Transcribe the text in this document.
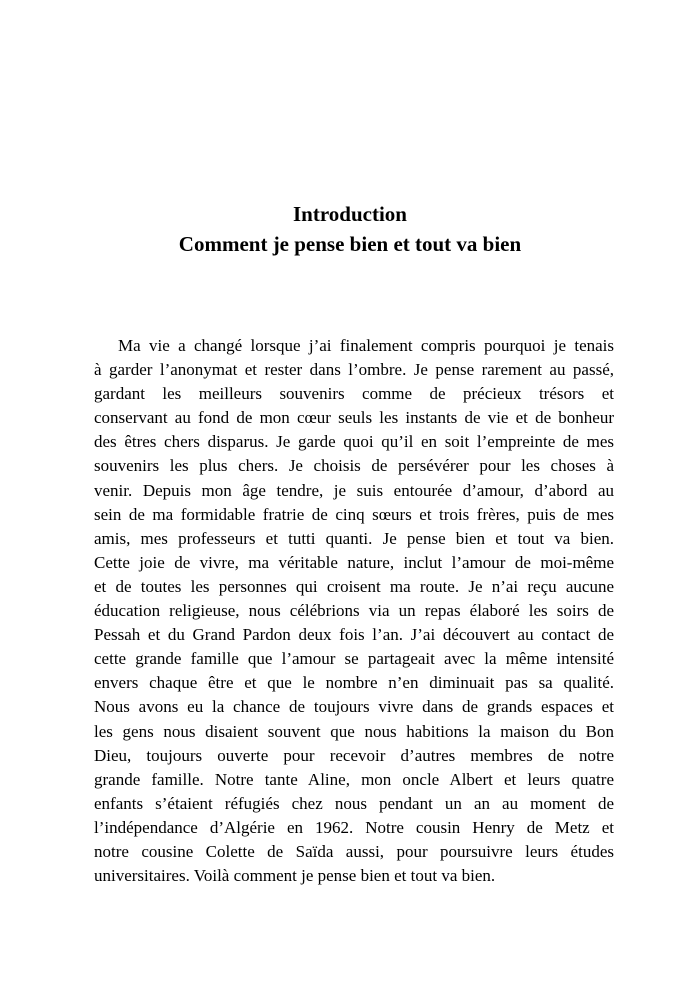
Introduction
Comment je pense bien et tout va bien
Ma vie a changé lorsque j’ai finalement compris pourquoi je tenais
à garder l’anonymat et rester dans l’ombre. Je pense rarement au passé,
gardant les meilleurs souvenirs comme de précieux trésors et
conservant au fond de mon cœur seuls les instants de vie et de bonheur
des êtres chers disparus. Je garde quoi qu’il en soit l’empreinte de mes
souvenirs les plus chers. Je choisis de persévérer pour les choses à
venir. Depuis mon âge tendre, je suis entourée d’amour, d’abord au
sein de ma formidable fratrie de cinq sœurs et trois frères, puis de mes
amis, mes professeurs et tutti quanti. Je pense bien et tout va bien.
Cette joie de vivre, ma véritable nature, inclut l’amour de moi-même
et de toutes les personnes qui croisent ma route. Je n’ai reçu aucune
éducation religieuse, nous célébrions via un repas élaboré les soirs de
Pessah et du Grand Pardon deux fois l’an. J’ai découvert au contact de
cette grande famille que l’amour se partageait avec la même intensité
envers chaque être et que le nombre n’en diminuait pas sa qualité.
Nous avons eu la chance de toujours vivre dans de grands espaces et
les gens nous disaient souvent que nous habitions la maison du Bon
Dieu, toujours ouverte pour recevoir d’autres membres de notre
grande famille. Notre tante Aline, mon oncle Albert et leurs quatre
enfants s’étaient réfugiés chez nous pendant un an au moment de
l’indépendance d’Algérie en 1962. Notre cousin Henry de Metz et
notre cousine Colette de Saïda aussi, pour poursuivre leurs études
universitaires. Voilà comment je pense bien et tout va bien.
